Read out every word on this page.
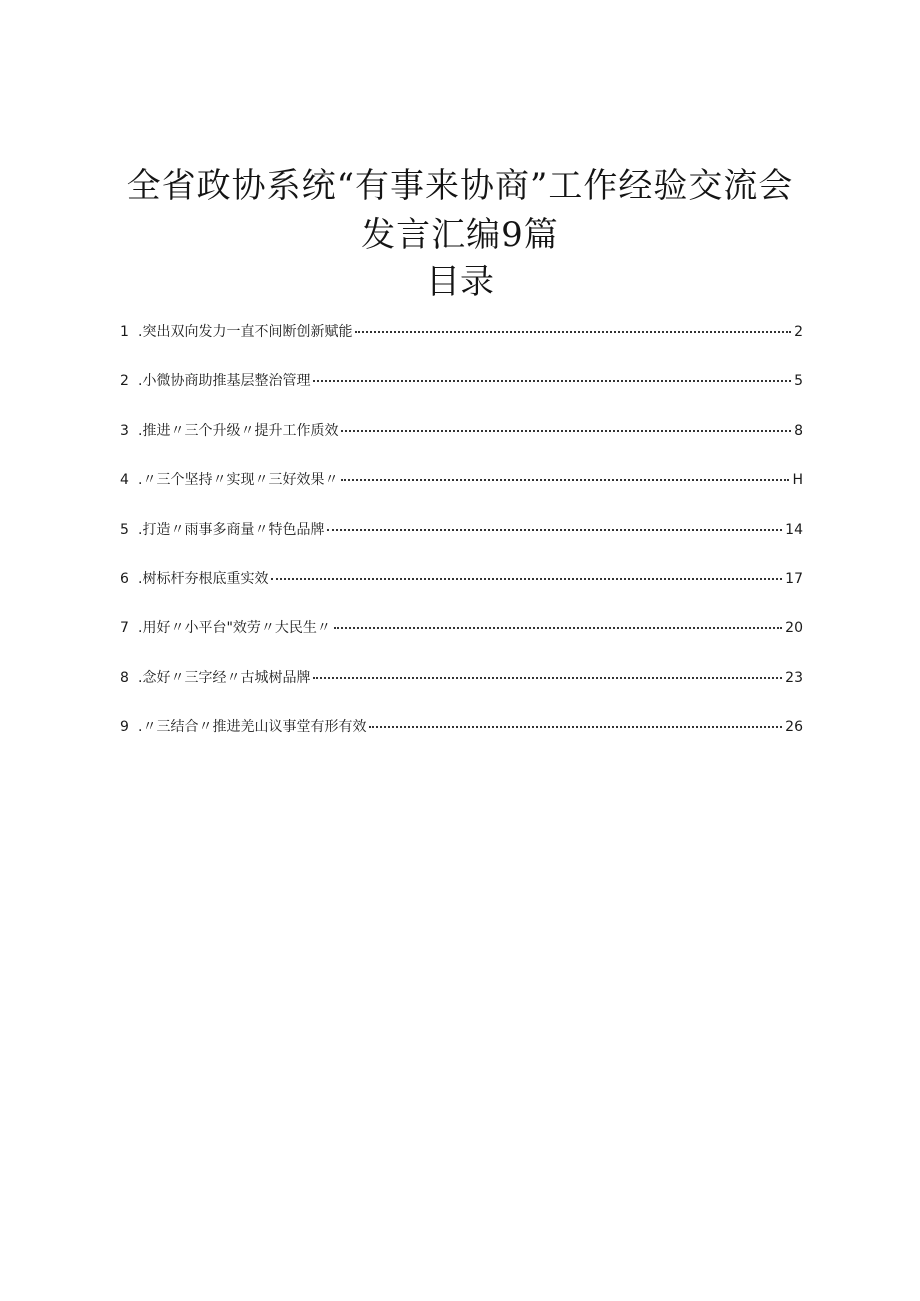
全省政协系统“有事来协商”工作经验交流会
发言汇编9篇
目录
1 .突出双向发力一直不间断创新赋能	2
2 .小微协商助推基层整治管理	5
3 .推进〃三个升级〃提升工作质效	8
4 .〃三个坚持〃实现〃三好效果〃	H
5 .打造〃雨事多商量〃特色品牌	14
6 .树标杆夯根底重实效	17
7 .用好〃小平台"效劳〃大民生〃	20
8 .念好〃三字经〃古城树品牌	23
9 .〃三结合〃推进羌山议事堂有形有效	26
